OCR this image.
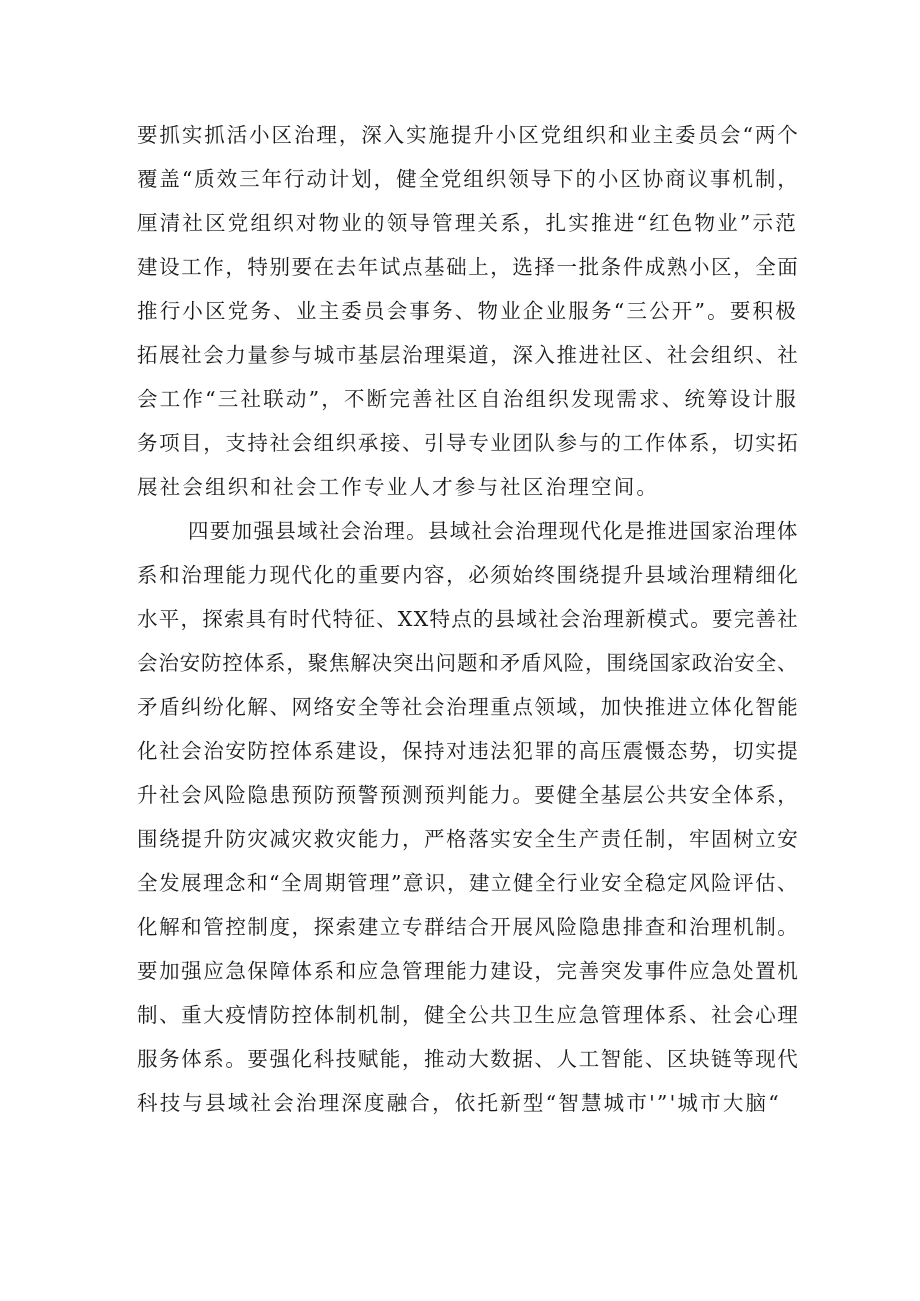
要抓实抓活小区治理，深入实施提升小区党组织和业主委员会“两个
覆盖“质效三年行动计划，健全党组织领导下的小区协商议事机制，
厘清社区党组织对物业的领导管理关系，扎实推进“红色物业”示范
建设工作，特别要在去年试点基础上，选择一批条件成熟小区，全面
推行小区党务、业主委员会事务、物业企业服务“三公开”。要积极
拓展社会力量参与城市基层治理渠道，深入推进社区、社会组织、社
会工作“三社联动”，不断完善社区自治组织发现需求、统筹设计服
务项目，支持社会组织承接、引导专业团队参与的工作体系，切实拓
展社会组织和社会工作专业人才参与社区治理空间。
四要加强县域社会治理。县域社会治理现代化是推进国家治理体
系和治理能力现代化的重要内容，必须始终围绕提升县域治理精细化
水平，探索具有时代特征、XX特点的县域社会治理新模式。要完善社
会治安防控体系，聚焦解决突出问题和矛盾风险，围绕国家政治安全、
矛盾纠纷化解、网络安全等社会治理重点领域，加快推进立体化智能
化社会治安防控体系建设，保持对违法犯罪的高压震慑态势，切实提
升社会风险隐患预防预警预测预判能力。要健全基层公共安全体系，
围绕提升防灾减灾救灾能力，严格落实安全生产责任制，牢固树立安
全发展理念和“全周期管理”意识，建立健全行业安全稳定风险评估、
化解和管控制度，探索建立专群结合开展风险隐患排查和治理机制。
要加强应急保障体系和应急管理能力建设，完善突发事件应急处置机
制、重大疫情防控体制机制，健全公共卫生应急管理体系、社会心理
服务体系。要强化科技赋能，推动大数据、人工智能、区块链等现代
科技与县域社会治理深度融合，依托新型“智慧城市'”'城市大脑“
